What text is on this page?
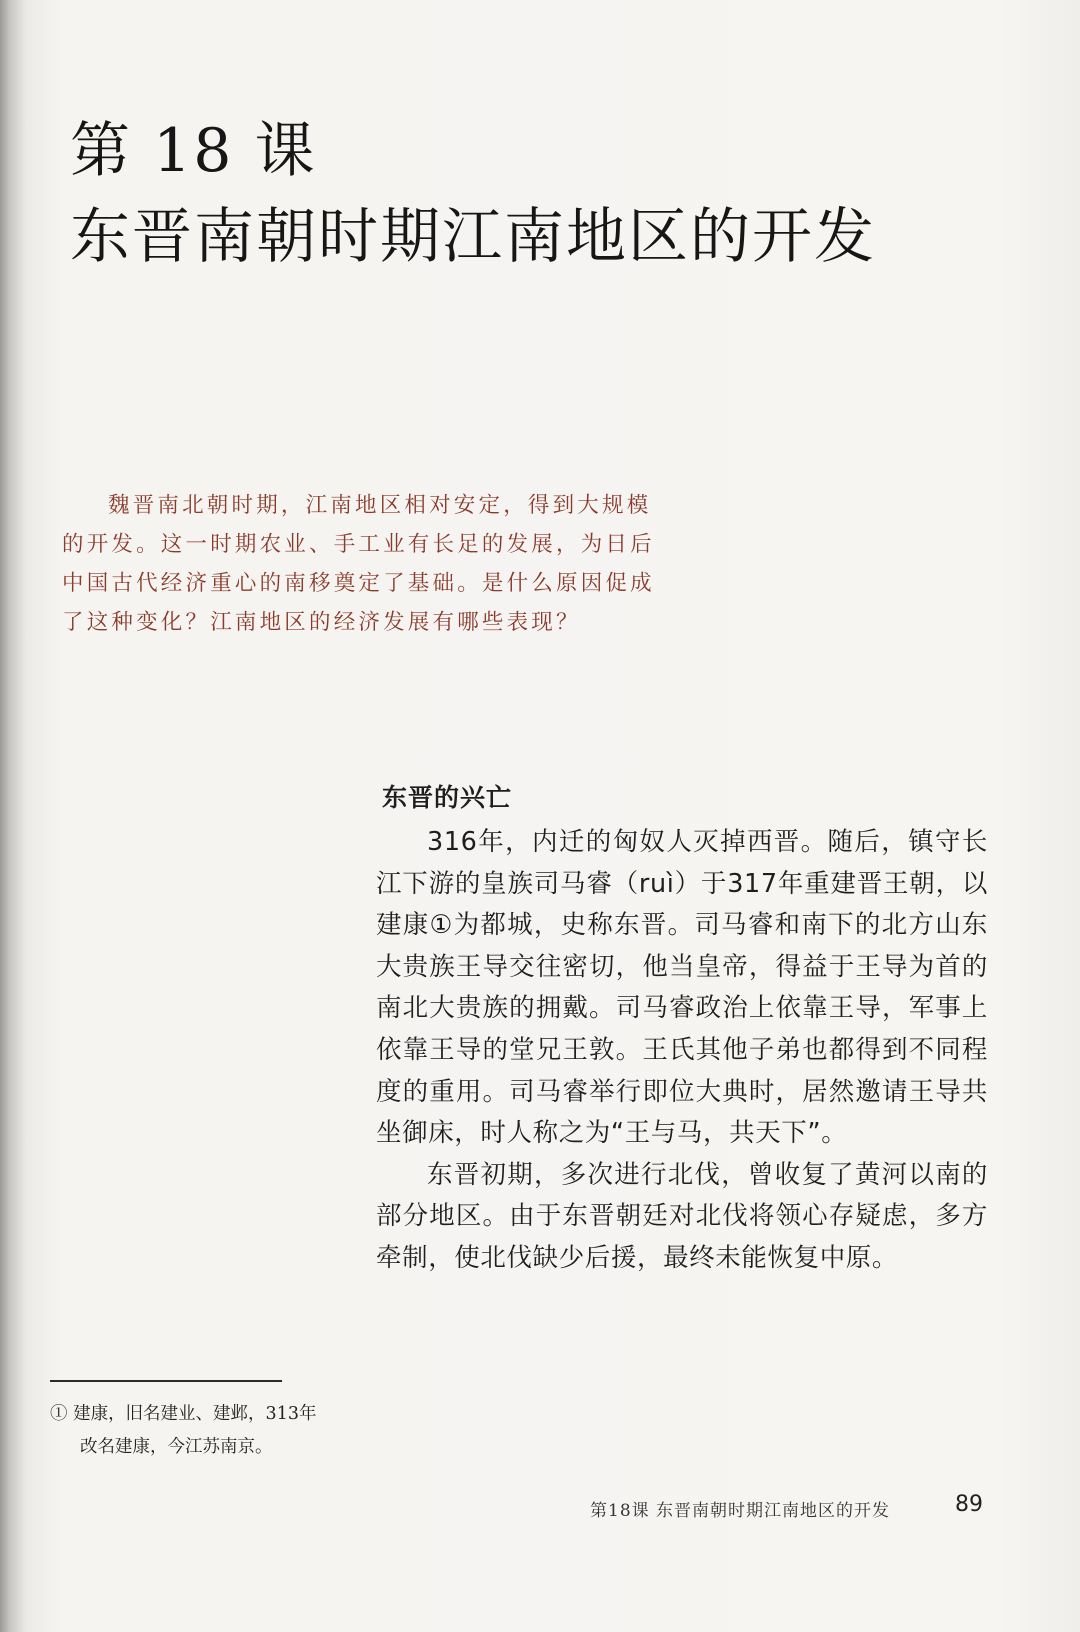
第 18 课
东晋南朝时期江南地区的开发
魏晋南北朝时期，江南地区相对安定，得到大规模的开发。这一时期农业、手工业有长足的发展，为日后中国古代经济重心的南移奠定了基础。是什么原因促成了这种变化？江南地区的经济发展有哪些表现？
东晋的兴亡

316年，内迁的匈奴人灭掉西晋。随后，镇守长江下游的皇族司马睿（ruì）于317年重建晋王朝，以建康①为都城，史称东晋。司马睿和南下的北方山东大贵族王导交往密切，他当皇帝，得益于王导为首的南北大贵族的拥戴。司马睿政治上依靠王导，军事上依靠王导的堂兄王敦。王氏其他子弟也都得到不同程度的重用。司马睿举行即位大典时，居然邀请王导共坐御床，时人称之为“王与马，共天下”。

东晋初期，多次进行北伐，曾收复了黄河以南的部分地区。由于东晋朝廷对北伐将领心存疑虑，多方牵制，使北伐缺少后援，最终未能恢复中原。

① 建康，旧名建业、建邺，313年
改名建康，今江苏南京。
第18课 东晋南朝时期江南地区的开发	89
